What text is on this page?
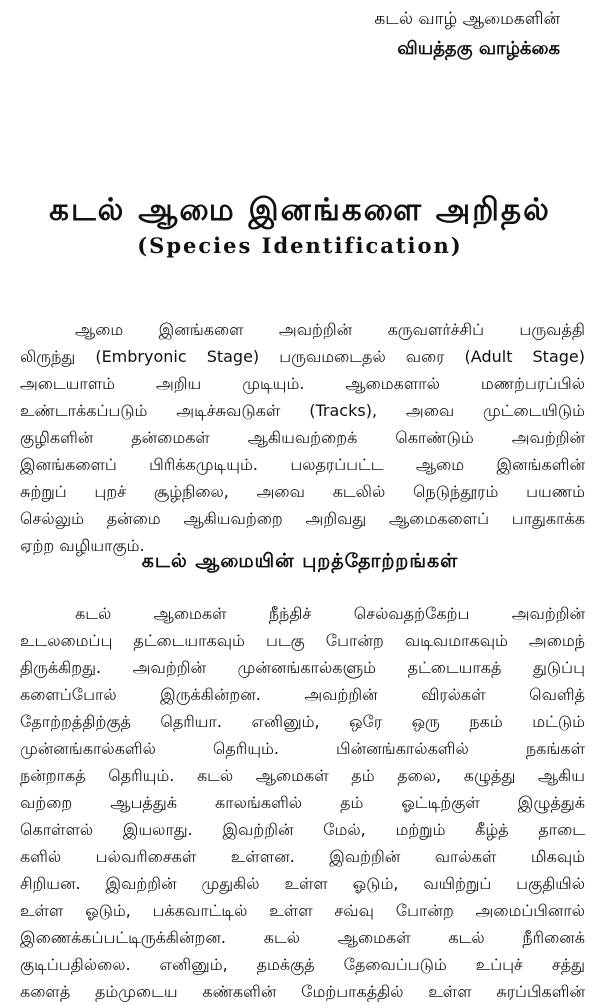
கடல் வாழ் ஆமைகளின்
வியத்தகு வாழ்க்கை
கடல் ஆமை இனங்களை அறிதல்
(Species Identification)
ஆமை இனங்களை அவற்றின் கருவளர்ச்சிப் பருவத்தி
லிருந்து (Embryonic Stage) பருவமடைதல் வரை (Adult Stage)
அடையாளம் அறிய முடியும். ஆமைகளால் மணற்பரப்பில்
உண்டாக்கப்படும் அடிச்சுவடுகள் (Tracks), அவை முட்டையிடும்
குழிகளின் தன்மைகள் ஆகியவற்றைக் கொண்டும் அவற்றின்
இனங்களைப் பிரிக்கமுடியும். பலதரப்பட்ட ஆமை இனங்களின்
சுற்றுப் புறச் சூழ்நிலை, அவை கடலில் நெடுந்தூரம் பயணம்
செல்லும் தன்மை ஆகியவற்றை அறிவது ஆமைகளைப் பாதுகாக்க
ஏற்ற வழியாகும்.
கடல் ஆமையின் புறத்தோற்றங்கள்
கடல் ஆமைகள் நீந்திச் செல்வதற்கேற்ப அவற்றின்
உடலமைப்பு தட்டையாகவும் படகு போன்ற வடிவமாகவும் அமைந்
திருக்கிறது. அவற்றின் முன்னங்கால்களும் தட்டையாகத் துடுப்பு
களைப்போல் இருக்கின்றன. அவற்றின் விரல்கள் வெளித்
தோற்றத்திற்குத் தெரியா. எனினும், ஒரே ஒரு நகம் மட்டும்
முன்னங்கால்களில் தெரியும். பின்னங்கால்களில் நகங்கள்
நன்றாகத் தெரியும். கடல் ஆமைகள் தம் தலை, கழுத்து ஆகிய
வற்றை ஆபத்துக் காலங்களில் தம் ஓட்டிற்குள் இழுத்துக்
கொள்ளல் இயலாது. இவற்றின் மேல், மற்றும் கீழ்த் தாடை
களில் பல்வரிசைகள் உள்ளன. இவற்றின் வால்கள் மிகவும்
சிறியன. இவற்றின் முதுகில் உள்ள ஓடும், வயிற்றுப் பகுதியில்
உள்ள ஓடும், பக்கவாட்டில் உள்ள சவ்வு போன்ற அமைப்பினால்
இணைக்கப்பட்டிருக்கின்றன. கடல் ஆமைகள் கடல் நீரினைக்
குடிப்பதில்லை. எனினும், தமக்குத் தேவைப்படும் உப்புச் சத்து
களைத் தம்முடைய கண்களின் மேற்பாகத்தில் உள்ள சுரப்பிகளின்
